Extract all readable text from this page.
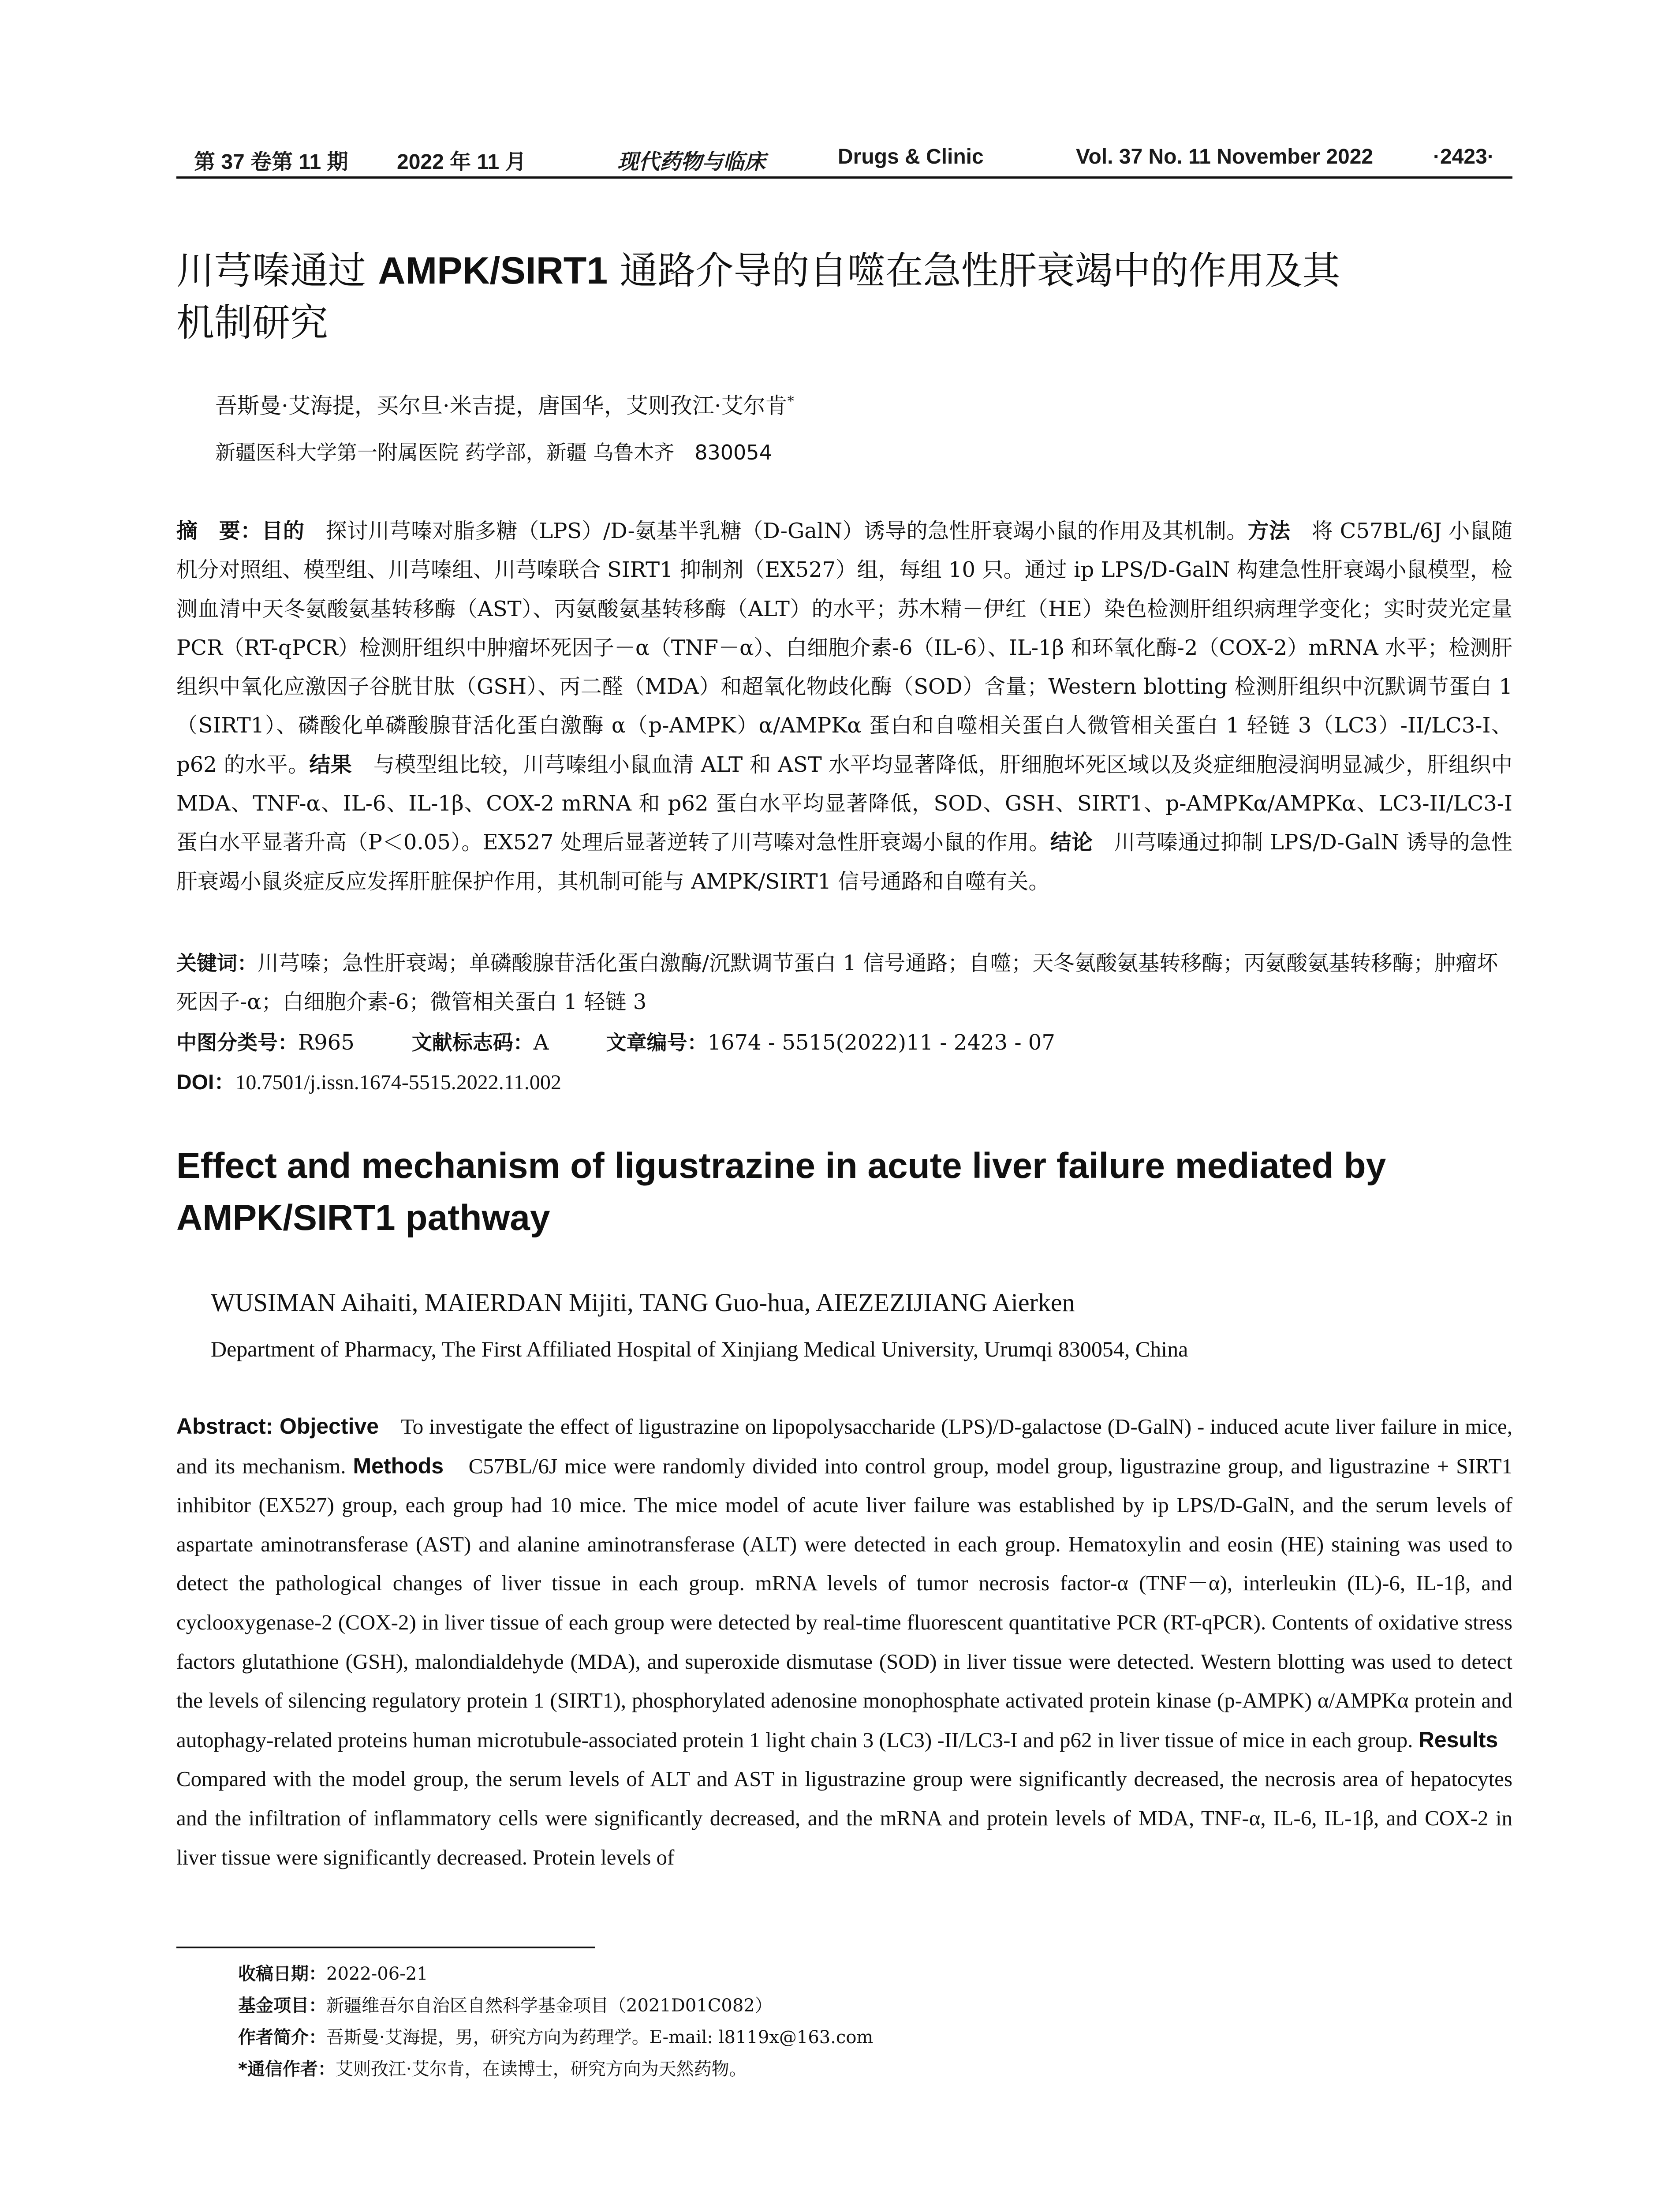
第 37 卷第 11 期 2022 年 11 月	现代药物与临床	Drugs & Clinic	Vol. 37 No. 11 November 2022	·2423·
川芎嗪通过 AMPK/SIRT1 通路介导的自噬在急性肝衰竭中的作用及其
机制研究
吾斯曼·艾海提，买尔旦·米吉提，唐国华，艾则孜江·艾尔肯*
新疆医科大学第一附属医院 药学部，新疆 乌鲁木齐　830054
摘　要：目的　探讨川芎嗪对脂多糖（LPS）/D-氨基半乳糖（D-GalN）诱导的急性肝衰竭小鼠的作用及其机制。方法　将 C57BL/6J 小鼠随机分对照组、模型组、川芎嗪组、川芎嗪联合 SIRT1 抑制剂（EX527）组，每组 10 只。通过 ip LPS/D-GalN 构建急性肝衰竭小鼠模型，检测血清中天冬氨酸氨基转移酶（AST）、丙氨酸氨基转移酶（ALT）的水平；苏木精－伊红（HE）染色检测肝组织病理学变化；实时荧光定量 PCR（RT-qPCR）检测肝组织中肿瘤坏死因子－α（TNF－α）、白细胞介素-6（IL-6）、IL-1β 和环氧化酶-2（COX-2）mRNA 水平；检测肝组织中氧化应激因子谷胱甘肽（GSH）、丙二醛（MDA）和超氧化物歧化酶（SOD）含量；Western blotting 检测肝组织中沉默调节蛋白 1（SIRT1）、磷酸化单磷酸腺苷活化蛋白激酶 α（p-AMPK）α/AMPKα 蛋白和自噬相关蛋白人微管相关蛋白 1 轻链 3（LC3）-II/LC3-I、p62 的水平。结果　与模型组比较，川芎嗪组小鼠血清 ALT 和 AST 水平均显著降低，肝细胞坏死区域以及炎症细胞浸润明显减少，肝组织中 MDA、TNF-α、IL-6、IL-1β、COX-2 mRNA 和 p62 蛋白水平均显著降低，SOD、GSH、SIRT1、p-AMPKα/AMPKα、LC3-II/LC3-I 蛋白水平显著升高（P＜0.05）。EX527 处理后显著逆转了川芎嗪对急性肝衰竭小鼠的作用。结论　川芎嗪通过抑制 LPS/D-GalN 诱导的急性肝衰竭小鼠炎症反应发挥肝脏保护作用，其机制可能与 AMPK/SIRT1 信号通路和自噬有关。
关键词：川芎嗪；急性肝衰竭；单磷酸腺苷活化蛋白激酶/沉默调节蛋白 1 信号通路；自噬；天冬氨酸氨基转移酶；丙氨酸氨基转移酶；肿瘤坏死因子-α；白细胞介素-6；微管相关蛋白 1 轻链 3
中图分类号：R965	文献标志码：A	文章编号：1674 - 5515(2022)11 - 2423 - 07
DOI：10.7501/j.issn.1674-5515.2022.11.002
Effect and mechanism of ligustrazine in acute liver failure mediated by AMPK/SIRT1 pathway
WUSIMAN Aihaiti, MAIERDAN Mijiti, TANG Guo-hua, AIEZEZIJIANG Aierken
Department of Pharmacy, The First Affiliated Hospital of Xinjiang Medical University, Urumqi 830054, China
Abstract: Objective　To investigate the effect of ligustrazine on lipopolysaccharide (LPS)/D-galactose (D-GalN) - induced acute liver failure in mice, and its mechanism. Methods　C57BL/6J mice were randomly divided into control group, model group, ligustrazine group, and ligustrazine + SIRT1 inhibitor (EX527) group, each group had 10 mice. The mice model of acute liver failure was established by ip LPS/D-GalN, and the serum levels of aspartate aminotransferase (AST) and alanine aminotransferase (ALT) were detected in each group. Hematoxylin and eosin (HE) staining was used to detect the pathological changes of liver tissue in each group. mRNA levels of tumor necrosis factor-α (TNF－α), interleukin (IL)-6, IL-1β, and cyclooxygenase-2 (COX-2) in liver tissue of each group were detected by real-time fluorescent quantitative PCR (RT-qPCR). Contents of oxidative stress factors glutathione (GSH), malondialdehyde (MDA), and superoxide dismutase (SOD) in liver tissue were detected. Western blotting was used to detect the levels of silencing regulatory protein 1 (SIRT1), phosphorylated adenosine monophosphate activated protein kinase (p-AMPK) α/AMPKα protein and autophagy-related proteins human microtubule-associated protein 1 light chain 3 (LC3) -II/LC3-I and p62 in liver tissue of mice in each group. Results　Compared with the model group, the serum levels of ALT and AST in ligustrazine group were significantly decreased, the necrosis area of hepatocytes and the infiltration of inflammatory cells were significantly decreased, and the mRNA and protein levels of MDA, TNF-α, IL-6, IL-1β, and COX-2 in liver tissue were significantly decreased. Protein levels of
收稿日期：2022-06-21
基金项目：新疆维吾尔自治区自然科学基金项目（2021D01C082）
作者简介：吾斯曼·艾海提，男，研究方向为药理学。E-mail: l8119x@163.com
*通信作者：艾则孜江·艾尔肯，在读博士，研究方向为天然药物。
